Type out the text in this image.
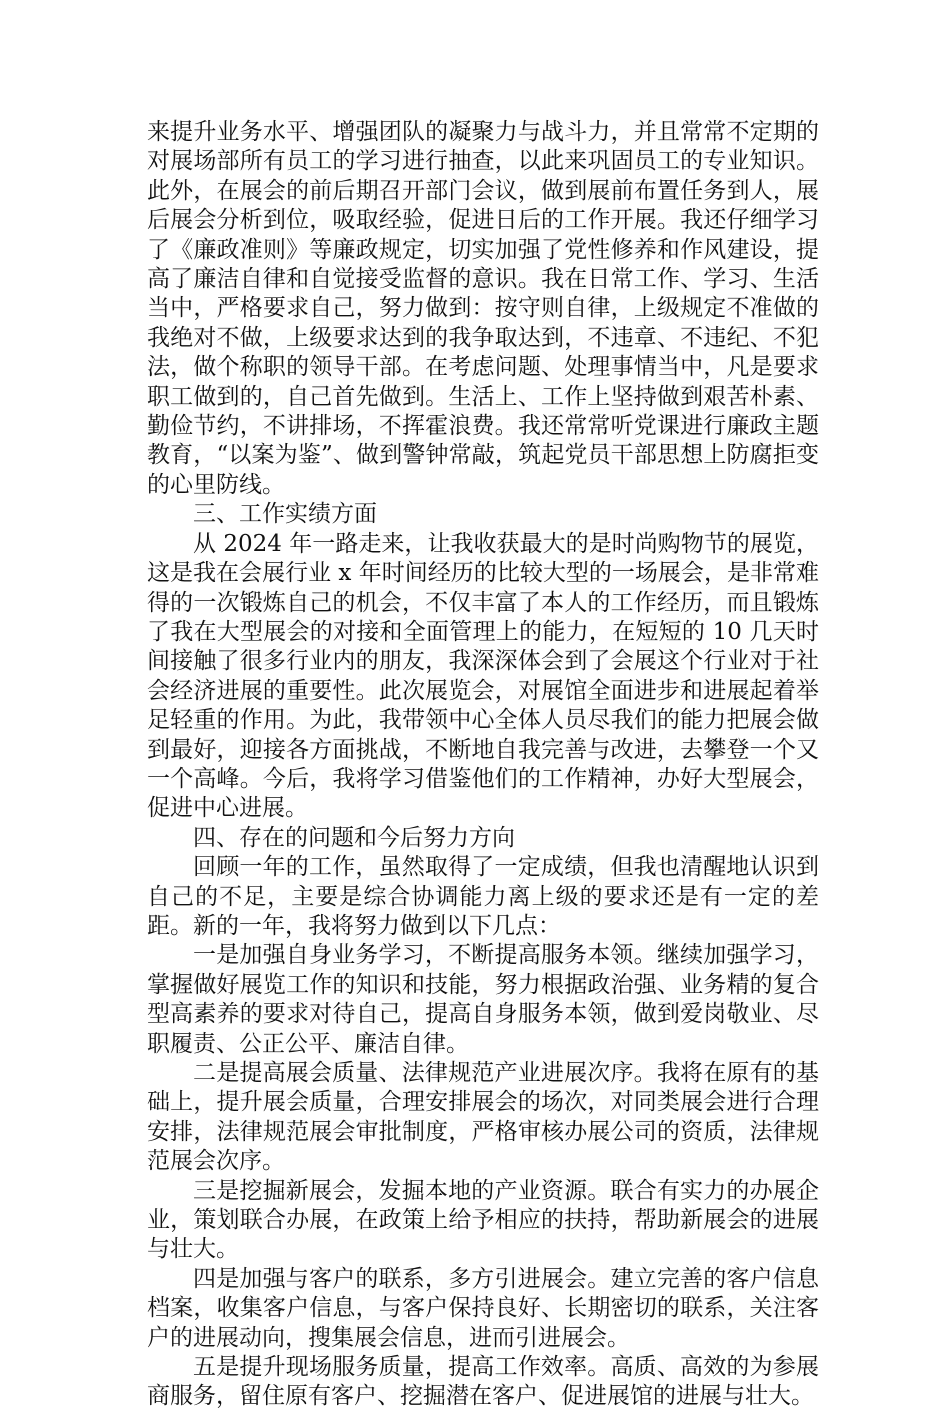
来提升业务水平、增强团队的凝聚力与战斗力，并且常常不定期的对展场部所有员工的学习进行抽查，以此来巩固员工的专业知识。此外，在展会的前后期召开部门会议，做到展前布置任务到人，展后展会分析到位，吸取经验，促进日后的工作开展。我还仔细学习了《廉政准则》等廉政规定，切实加强了党性修养和作风建设，提高了廉洁自律和自觉接受监督的意识。我在日常工作、学习、生活当中，严格要求自己，努力做到：按守则自律，上级规定不准做的我绝对不做，上级要求达到的我争取达到，不违章、不违纪、不犯法，做个称职的领导干部。在考虑问题、处理事情当中，凡是要求职工做到的，自己首先做到。生活上、工作上坚持做到艰苦朴素、勤俭节约，不讲排场，不挥霍浪费。我还常常听党课进行廉政主题教育，“以案为鉴”、做到警钟常敲，筑起党员干部思想上防腐拒变的心里防线。

三、工作实绩方面

从 2024 年一路走来，让我收获最大的是时尚购物节的展览，这是我在会展行业 x 年时间经历的比较大型的一场展会，是非常难得的一次锻炼自己的机会，不仅丰富了本人的工作经历，而且锻炼了我在大型展会的对接和全面管理上的能力，在短短的 10 几天时间接触了很多行业内的朋友，我深深体会到了会展这个行业对于社会经济进展的重要性。此次展览会，对展馆全面进步和进展起着举足轻重的作用。为此，我带领中心全体人员尽我们的能力把展会做到最好，迎接各方面挑战，不断地自我完善与改进，去攀登一个又一个高峰。今后，我将学习借鉴他们的工作精神，办好大型展会，促进中心进展。

四、存在的问题和今后努力方向

回顾一年的工作，虽然取得了一定成绩，但我也清醒地认识到自己的不足，主要是综合协调能力离上级的要求还是有一定的差距。新的一年，我将努力做到以下几点：

一是加强自身业务学习，不断提高服务本领。继续加强学习，掌握做好展览工作的知识和技能，努力根据政治强、业务精的复合型高素养的要求对待自己，提高自身服务本领，做到爱岗敬业、尽职履责、公正公平、廉洁自律。

二是提高展会质量、法律规范产业进展次序。我将在原有的基础上，提升展会质量，合理安排展会的场次，对同类展会进行合理安排，法律规范展会审批制度，严格审核办展公司的资质，法律规范展会次序。

三是挖掘新展会，发掘本地的产业资源。联合有实力的办展企业，策划联合办展，在政策上给予相应的扶持，帮助新展会的进展与壮大。

四是加强与客户的联系，多方引进展会。建立完善的客户信息档案，收集客户信息，与客户保持良好、长期密切的联系，关注客户的进展动向，搜集展会信息，进而引进展会。

五是提升现场服务质量，提高工作效率。高质、高效的为参展商服务，留住原有客户、挖掘潜在客户、促进展馆的进展与壮大。
